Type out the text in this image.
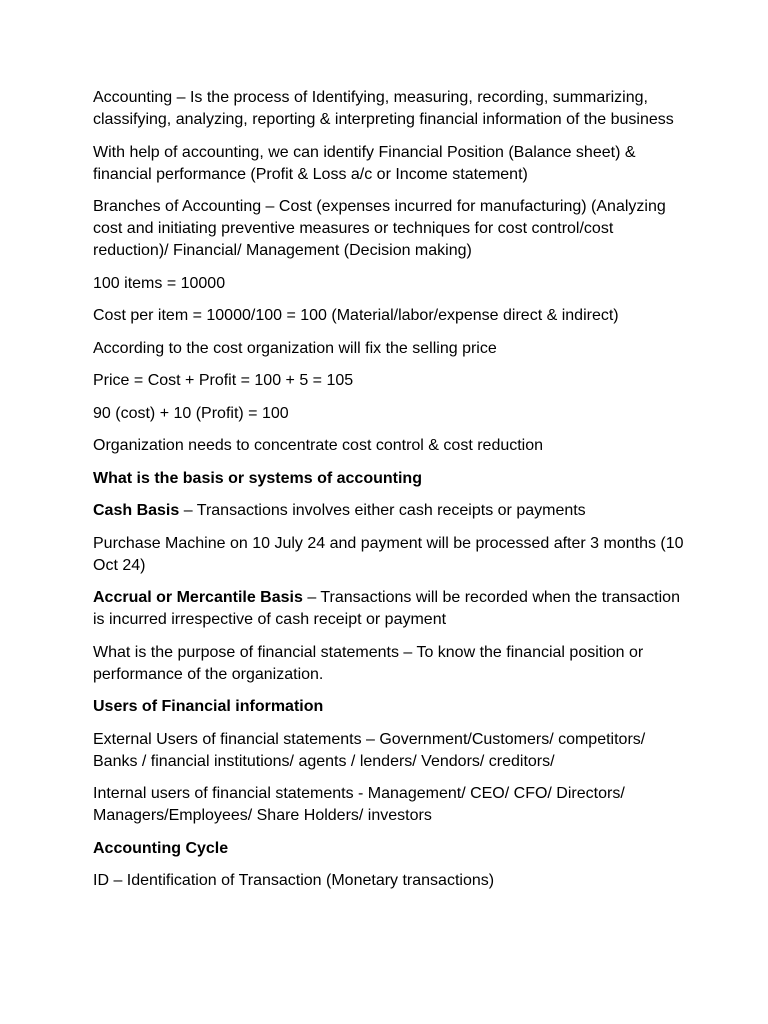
Accounting – Is the process of Identifying, measuring, recording, summarizing, classifying, analyzing, reporting & interpreting financial information of the business

With help of accounting, we can identify Financial Position (Balance sheet) & financial performance (Profit & Loss a/c or Income statement)

Branches of Accounting – Cost (expenses incurred for manufacturing) (Analyzing cost and initiating preventive measures or techniques for cost control/cost reduction)/ Financial/ Management (Decision making)

100 items = 10000

Cost per item = 10000/100 = 100 (Material/labor/expense direct & indirect)

According to the cost organization will fix the selling price

Price = Cost + Profit = 100 + 5 = 105

90 (cost) + 10 (Profit) = 100

Organization needs to concentrate cost control & cost reduction

What is the basis or systems of accounting

Cash Basis – Transactions involves either cash receipts or payments

Purchase Machine on 10 July 24 and payment will be processed after 3 months (10 Oct 24)

Accrual or Mercantile Basis – Transactions will be recorded when the transaction is incurred irrespective of cash receipt or payment

What is the purpose of financial statements – To know the financial position or performance of the organization.

Users of Financial information

External Users of financial statements – Government/Customers/ competitors/ Banks / financial institutions/ agents / lenders/ Vendors/ creditors/

Internal users of financial statements - Management/ CEO/ CFO/ Directors/ Managers/Employees/ Share Holders/ investors

Accounting Cycle

ID – Identification of Transaction (Monetary transactions)
